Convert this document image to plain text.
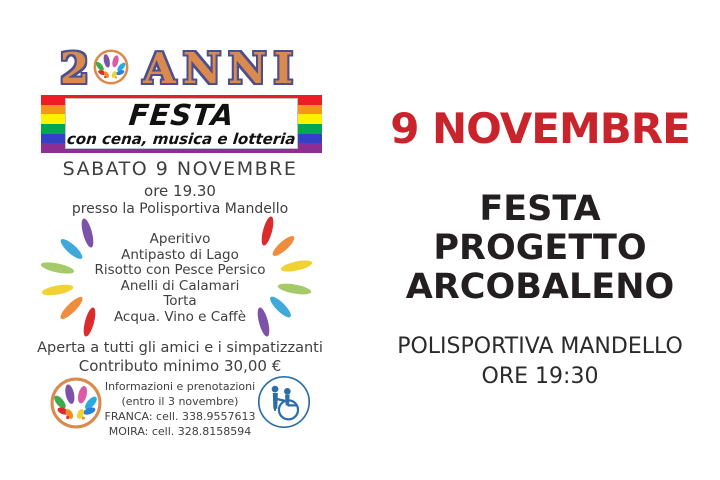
2 ANNI
FESTA
con cena, musica e lotteria
SABATO 9 NOVEMBRE
ore 19.30
presso la Polisportiva Mandello
Aperitivo
Antipasto di Lago
Risotto con Pesce Persico
Anelli di Calamari
Torta
Acqua. Vino e Caffè
Aperta a tutti gli amici e i simpatizzanti
Contributo minimo 30,00 €
Informazioni e prenotazioni
(entro il 3 novembre)
FRANCA: cell. 338.9557613
MOIRA: cell. 328.8158594
9 NOVEMBRE
FESTA
PROGETTO
ARCOBALENO
POLISPORTIVA MANDELLO
ORE 19:30
